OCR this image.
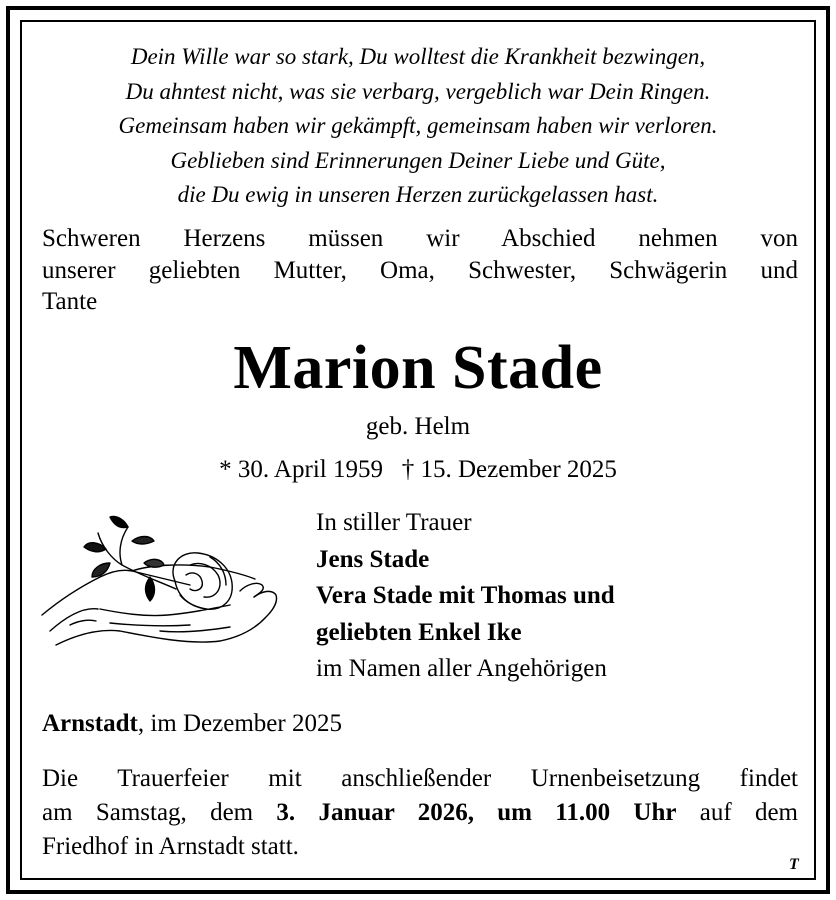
Dein Wille war so stark, Du wolltest die Krankheit bezwingen,
Du ahntest nicht, was sie verbarg, vergeblich war Dein Ringen.
Gemeinsam haben wir gekämpft, gemeinsam haben wir verloren.
Geblieben sind Erinnerungen Deiner Liebe und Güte,
die Du ewig in unseren Herzen zurückgelassen hast.
Schweren Herzens müssen wir Abschied nehmen von
unserer geliebten Mutter, Oma, Schwester, Schwägerin und
Tante
Marion Stade
geb. Helm
* 30. April 1959 † 15. Dezember 2025
In stiller Trauer
Jens Stade
Vera Stade mit Thomas und
geliebten Enkel Ike
im Namen aller Angehörigen
Arnstadt, im Dezember 2025
Die Trauerfeier mit anschließender Urnenbeisetzung findet
am Samstag, dem 3. Januar 2026, um 11.00 Uhr auf dem
Friedhof in Arnstadt statt.
T
